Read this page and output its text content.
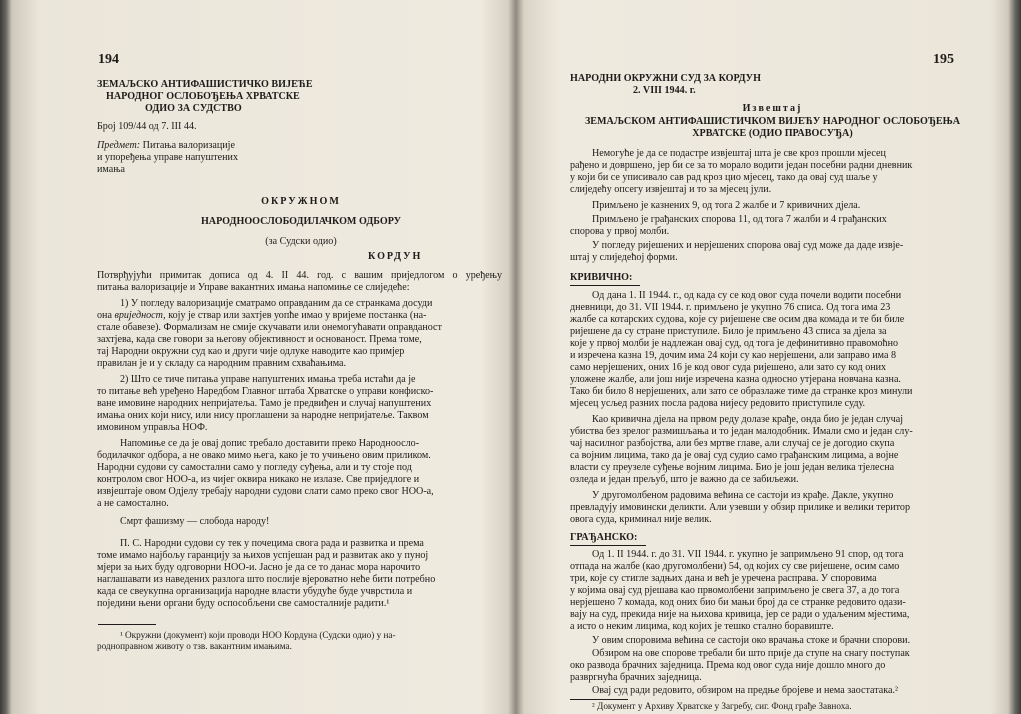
194
ЗЕМАЉСКО АНТИФАШИСТИЧКО ВИЈЕЋЕ
НАРОДНОГ ОСЛОБОЂЕЊА ХРВАТСКЕ
ОДИО ЗА СУДСТВО
Број 109/44 од 7. III 44.
Предмет: Питања валоризације
и упоређења управе напуштених
имања
ОКРУЖНОМ
НАРОДНООСЛОБОДИЛАЧКОМ ОДБОРУ
(за Судски одио)
КОРДУН
Потврђујући примитак дописа од 4. II 44. год. с вашим приједлогом о уређењу
питања валоризације и Управе вакантних имања напомиње се слиједеће:
1) У погледу валоризације сматрамо оправданим да се странкама досуди
она вриједност, коју је ствар или захтјев уопће имао у вријеме постанка (на-
сталe обавезе). Формализам не смије скучавати или онемогућавати оправданост
захтјева, када све говори за његову објективност и основаност. Према томе,
тај Народни окружни суд као и други чије одлуке наводите као примјер
правилан је и у складу са народним правним схваћањима.
2) Што се тиче питања управе напуштених имања треба истаћи да је
то питање већ уређено Наредбом Главног штаба Хрватске о управи конфиско-
ване имовине народних непријатеља. Тамо је предвиђен и случај напуштених
имања оних који нису, или нису проглашени за народне непријатеље. Таквом
имовином управља НОФ.
Напомиње се да је овај допис требало доставити преко Народноосло-
бодилачког одбора, а не овако мимо њега, како је то учињено овим приликом.
Народни судови су самостални само у погледу суђења, али и ту стоје под
контролом свог НОО-а, из чијег оквира никако не излазе. Све приједлоге и
извјештаје овом Одјелу требају народни судови слати само преко свог НОО-а,
а не самостално.
Смрт фашизму — слобода народу!
П. С. Народни судови су тек у почецима свога рада и развитка и према
томе имамо најбољу гаранцију за њихов успјешан рад и развитак ако у пуној
мјери за њих буду одговорни НОО-и. Јасно је да се то данас мора нарочито
наглашавати из наведених разлога што послије вјероватно неће бити потребно
када се свеукупна организација народне власти убудуће буде учврстила и
поједини њени органи буду оспособљени све самосталније радити.¹
¹ Окружни (документ) који проводи НОО Кордуна (Судски одио) у на-
роднoправном животу о тзв. вакантним имањима.
195
НАРОДНИ ОКРУЖНИ СУД ЗА КОРДУН
2. VIII 1944. г.
Извештај
ЗЕМАЉСКОМ АНТИФАШИСТИЧКОМ ВИЈЕЋУ НАРОДНОГ ОСЛОБОЂЕЊА
ХРВАТСКЕ (ОДИО ПРАВОСУЂА)
Немогуће је да се подастре извјештај шта је све кроз прошли мјесец
рађено и довршено, јер би се за то морало водити један посебни радни дневник
у који би се уписивало сав рад кроз цио мјесец, тако да овај суд шаље у
слиједећу опсегу извјештај и то за мјесец јули.
Примљено је казнених 9, од тога 2 жалбе и 7 кривичних дјела.
Примљено је грађанских спорова 11, од тога 7 жалби и 4 грађанских
спорова у првој молби.
У погледу ријешених и нерјешених спорова овај суд може да даде извје-
штај у слиједећој форми.
КРИВИЧНО:
Од дана 1. II 1944. г., од када су се код овог суда почели водити посебни
дневници, до 31. VII 1944. г. примљено је укупно 76 списа. Од тога има 23
жалбе са котарских судова, које су ријешене све осим два комада и те би биле
ријешене да су стране приступиле. Било је примљено 43 списа за дјела за
које у првој молби је надлежан овај суд, од тога је дефинитивно правомоћно
и изречена казна 19, дочим има 24 који су као нерјешени, али заправо има 8
само нерјешених, оних 16 је код овог суда ријешено, али зато су код оних
уложене жалбе, али још није изречена казна односно утјерана новчана казна.
Тако би било 8 нерјешених, али зато се образлаже тиме да странке кроз минули
мјесец усљед разних посла радова нијесу редовито приступиле суду.
Као кривична дјела на првом реду долазе крађе, онда био је један случај
убиства без зрелог размишљања и то један малодобник. Имали смо и један слу-
чај насилног разбојства, али без мртве главе, али случај се је догодио скупа
са војним лицима, тако да је овај суд судио само грађанским лицима, а војне
власти су преузеле суђење војним лицима. Био је још један велика тјелесна
озледа и један прељуб, што је важно да се забиљежи.
У другомолбеном радовима већина се састоји из крађе. Дакле, укупно
превладују имовински деликти. Али узевши у обзир прилике и велики територ
овога суда, криминал није велик.
ГРАЂАНСКО:
Од 1. II 1944. г. до 31. VII 1944. г. укупно је запримљено 91 спор, од тога
отпада на жалбе (као другомолбени) 54, од којих су све ријешене, осим само
три, које су стигле задњих дана и већ је уречена расправа. У споровима
у којима овај суд рјешава као првомолбени запримљено је свега 37, а до тога
нерјешено 7 комада, код оних био би мањи број да се странке редовито одази-
вају на суд, прекида није на њихова кривица, јер се ради о удаљеним мјестима,
а исто о неким лицима, код којих је тешко стално боравиште.
У овим споровима већина се састоји око врачања стоке и брачни спорови.
Обзиром на ове спорове требали би што прије да ступе на снагу поступак
око развода брачних заједница. Према код овог суда није дошло много до
развргнућа брачних заједница.
Овај суд ради редовито, обзиром на предње бројеве и нема заостатака.²
² Документ у Архиву Хрватске у Загребу, сиг. Фонд грађе Завноха.
